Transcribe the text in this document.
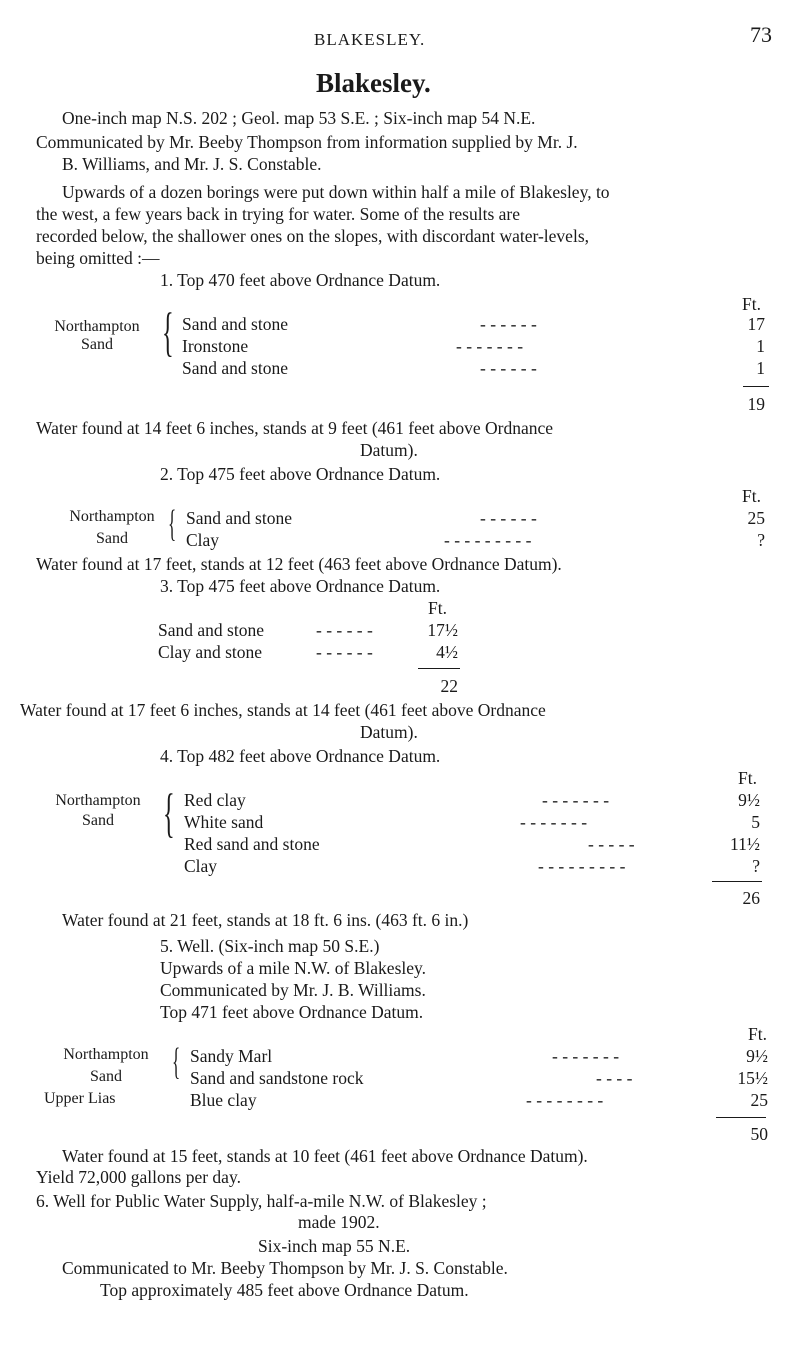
BLAKESLEY.	73
Blakesley.
One-inch map N.S. 202 ; Geol. map 53 S.E. ; Six-inch map 54 N.E.
Communicated by Mr. Beeby Thompson from information supplied by Mr. J.
B. Williams, and Mr. J. S. Constable.
Upwards of a dozen borings were put down within half a mile of Blakesley, to
the west, a few years back in trying for water. Some of the results are
recorded below, the shallower ones on the slopes, with discordant water-levels,
being omitted :—
1. Top 470 feet above Ordnance Datum.
Ft.
Northampton
Sand { Sand and stone	- - - - - -	17
Ironstone	- - - - - - -	1
Sand and stone	- - - - - -	1
19
Water found at 14 feet 6 inches, stands at 9 feet (461 feet above Ordnance
Datum).
2. Top 475 feet above Ordnance Datum.
Ft.
Northampton
Sand	{ Sand and stone	- - - - - -	25
Clay	- - - - - - - - -	?
Water found at 17 feet, stands at 12 feet (463 feet above Ordnance Datum).
3. Top 475 feet above Ordnance Datum.
Ft.
Sand and stone	- - - - - -	17½
Clay and stone	- - - - - -	4½
22
Water found at 17 feet 6 inches, stands at 14 feet (461 feet above Ordnance
Datum).
4. Top 482 feet above Ordnance Datum.
Ft.
Northampton
Sand { Red clay	- - - - - - -	9½
White sand	- - - - - - -	5
Red sand and stone	- - - - -	11½
Clay	- - - - - - - - -	?
26
Water found at 21 feet, stands at 18 ft. 6 ins. (463 ft. 6 in.)
5. Well. (Six-inch map 50 S.E.)
Upwards of a mile N.W. of Blakesley.
Communicated by Mr. J. B. Williams.
Top 471 feet above Ordnance Datum.
Ft.
Northampton
Sand	{
Upper Lias
Sandy Marl	- - - - - - -	9½
Sand and sandstone rock	- - - -	15½
Blue clay	- - - - - - - -	25
50
Water found at 15 feet, stands at 10 feet (461 feet above Ordnance Datum).
Yield 72,000 gallons per day.
6. Well for Public Water Supply, half-a-mile N.W. of Blakesley ;
made 1902.
Six-inch map 55 N.E.
Communicated to Mr. Beeby Thompson by Mr. J. S. Constable.
Top approximately 485 feet above Ordnance Datum.
